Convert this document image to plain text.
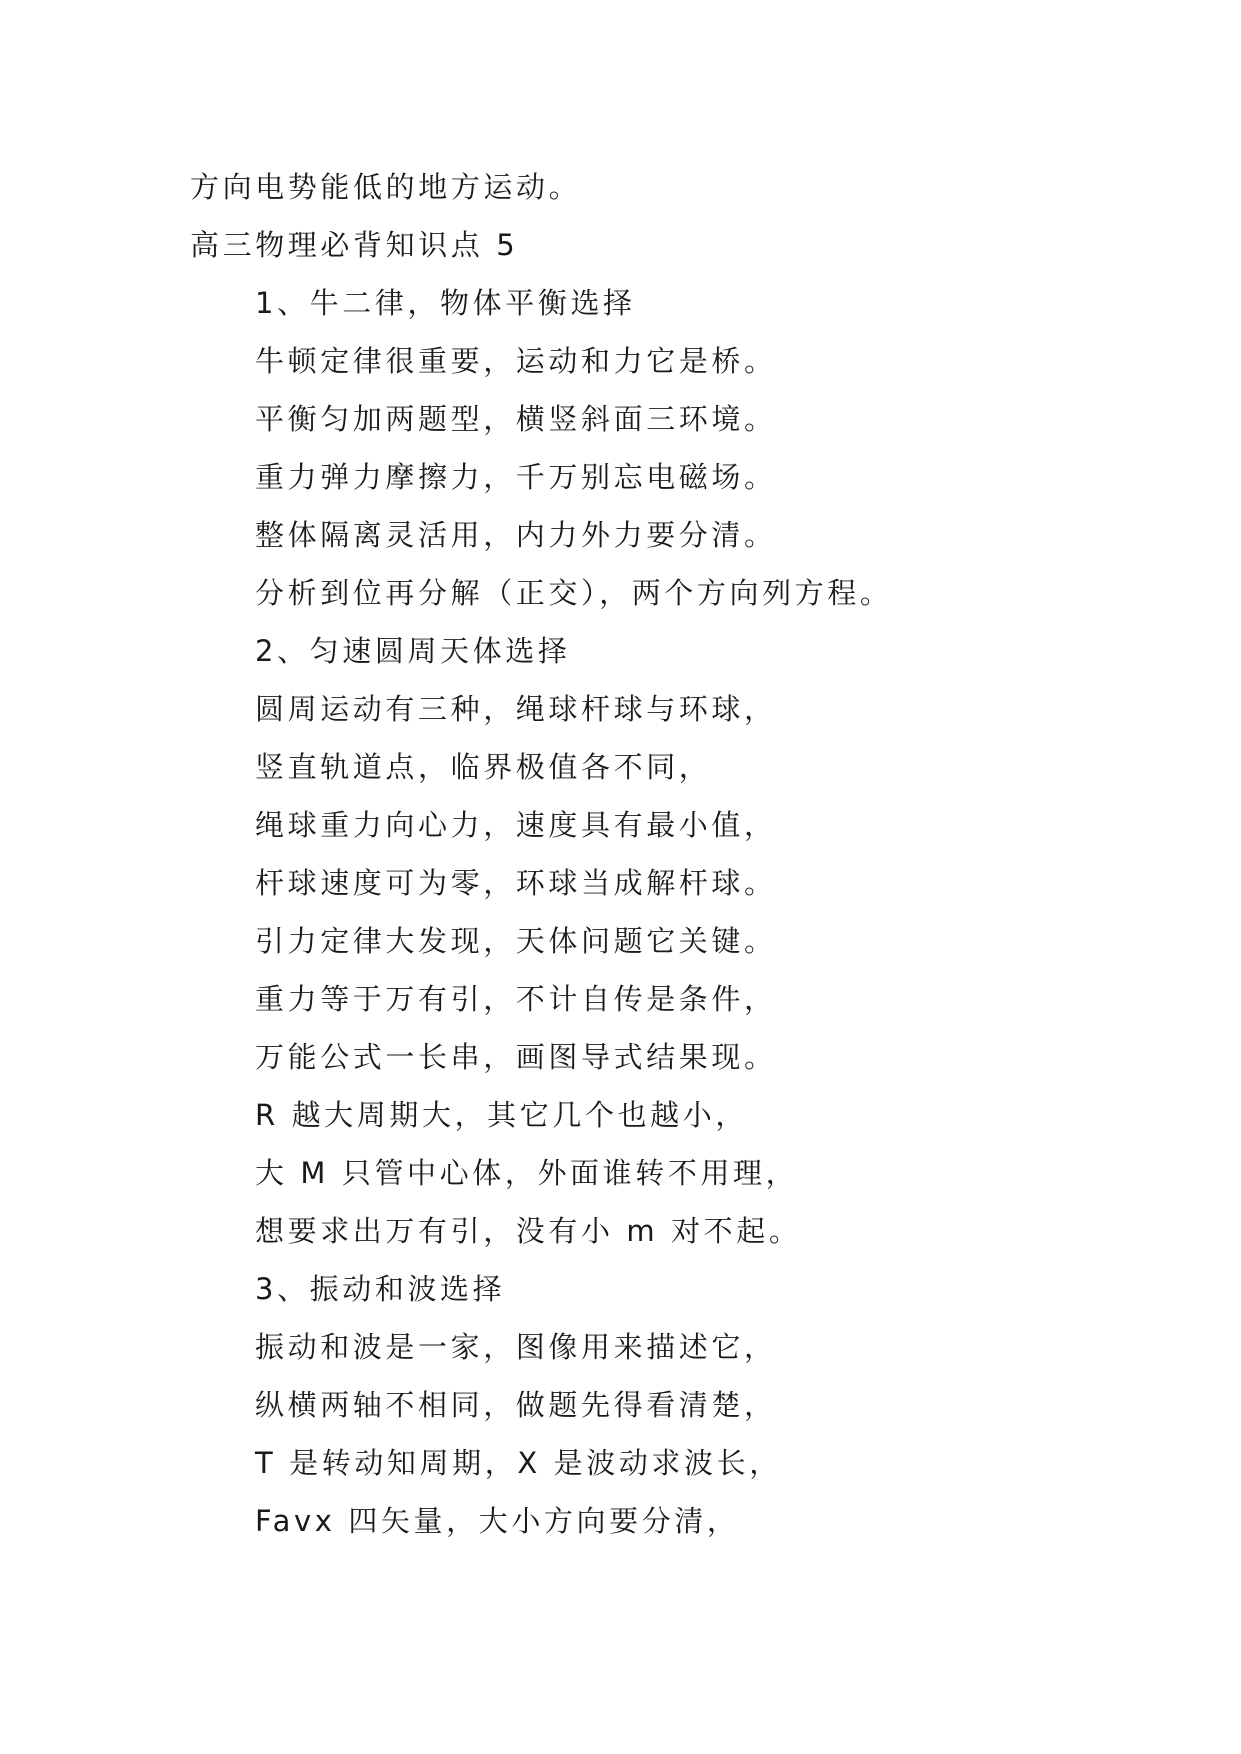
方向电势能低的地方运动。
高三物理必背知识点 5
1、牛二律，物体平衡选择
牛顿定律很重要，运动和力它是桥。
平衡匀加两题型，横竖斜面三环境。
重力弹力摩擦力，千万别忘电磁场。
整体隔离灵活用，内力外力要分清。
分析到位再分解（正交），两个方向列方程。
2、匀速圆周天体选择
圆周运动有三种，绳球杆球与环球，
竖直轨道点，临界极值各不同，
绳球重力向心力，速度具有最小值，
杆球速度可为零，环球当成解杆球。
引力定律大发现，天体问题它关键。
重力等于万有引，不计自传是条件，
万能公式一长串，画图导式结果现。
R 越大周期大，其它几个也越小，
大 M 只管中心体，外面谁转不用理，
想要求出万有引，没有小 m 对不起。
3、振动和波选择
振动和波是一家，图像用来描述它，
纵横两轴不相同，做题先得看清楚，
T 是转动知周期，X 是波动求波长，
Favx 四矢量，大小方向要分清，
